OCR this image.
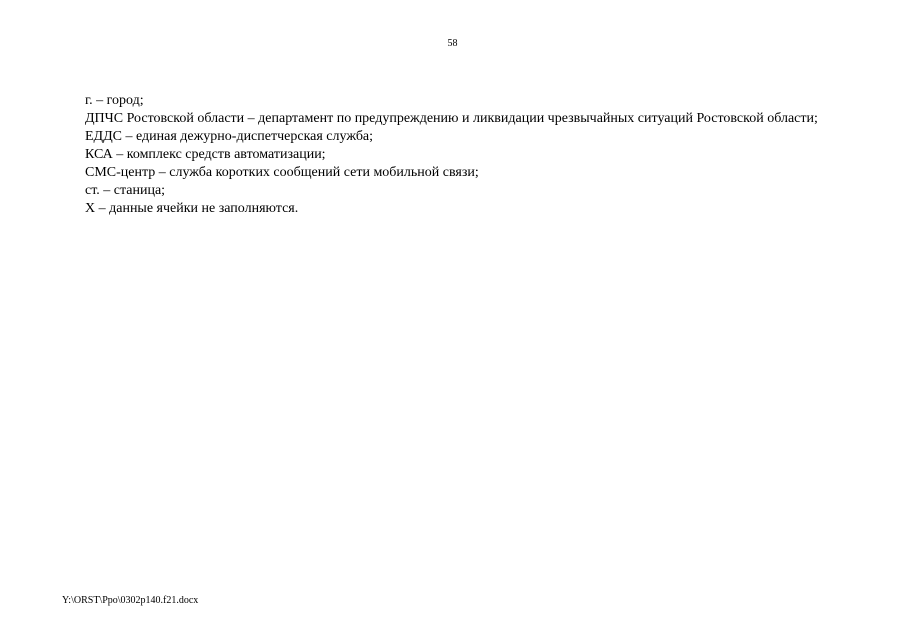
58

г. – город;

ДПЧС Ростовской области – департамент по предупреждению и ликвидации чрезвычайных ситуаций Ростовской области;

ЕДДС – единая дежурно-диспетчерская служба;

КСА – комплекс средств автоматизации;

СМС-центр – служба коротких сообщений сети мобильной связи;

ст. – станица;

Х – данные ячейки не заполняются.

Y:\ORST\Ppo\0302p140.f21.docx
